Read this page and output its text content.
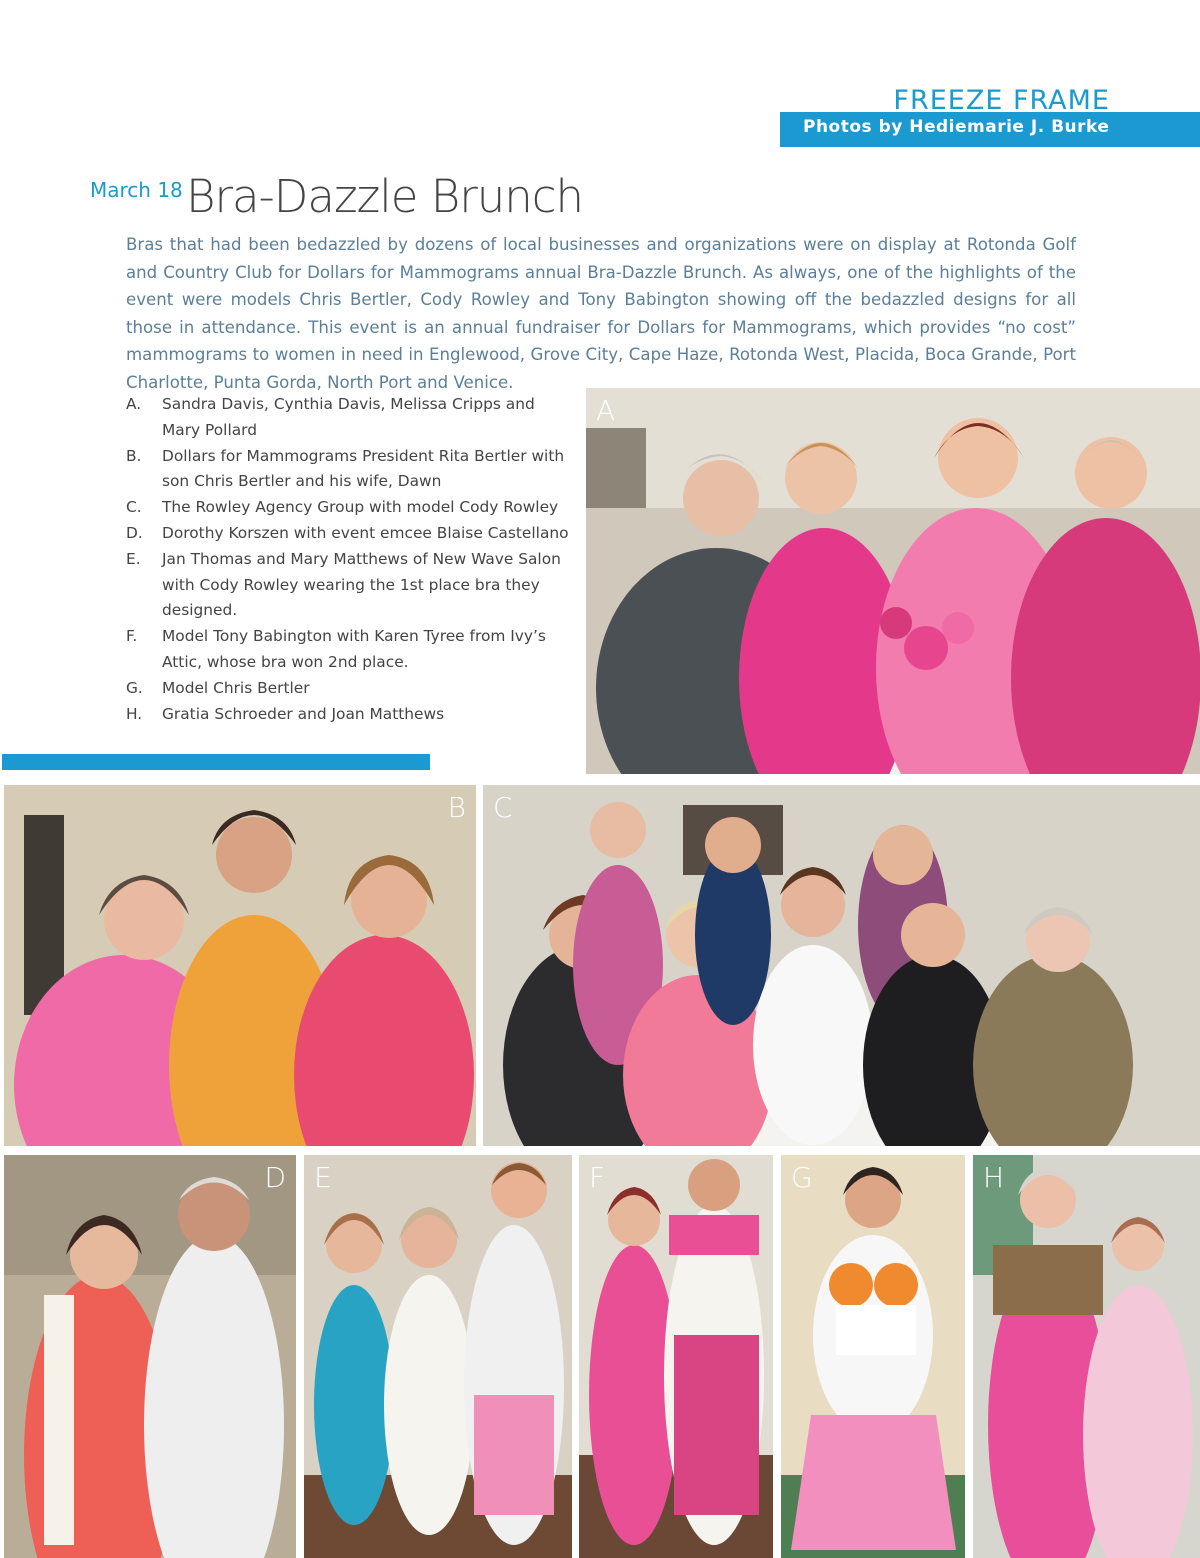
FREEZE FRAME
Photos by Hediemarie J. Burke
March 18 Bra-Dazzle Brunch

Bras that had been bedazzled by dozens of local businesses and organizations were on display at Rotonda Golf and Country Club for Dollars for Mammograms annual Bra-Dazzle Brunch. As always, one of the highlights of the event were models Chris Bertler, Cody Rowley and Tony Babington showing off the bedazzled designs for all those in attendance. This event is an annual fundraiser for Dollars for Mammograms, which provides “no cost” mammograms to women in need in Englewood, Grove City, Cape Haze, Rotonda West, Placida, Boca Grande, Port Charlotte, Punta Gorda, North Port and Venice.

A.	Sandra Davis, Cynthia Davis, Melissa Cripps and Mary Pollard
B.	Dollars for Mammograms President Rita Bertler with son Chris Bertler and his wife, Dawn
C.	The Rowley Agency Group with model Cody Rowley
D.	Dorothy Korszen with event emcee Blaise Castellano
E.	Jan Thomas and Mary Matthews of New Wave Salon with Cody Rowley wearing the 1st place bra they designed.
F.	Model Tony Babington with Karen Tyree from Ivy’s Attic, whose bra won 2nd place.
G.	Model Chris Bertler
H.	Gratia Schroeder and Joan Matthews
A
B C
D E	F	G	H
